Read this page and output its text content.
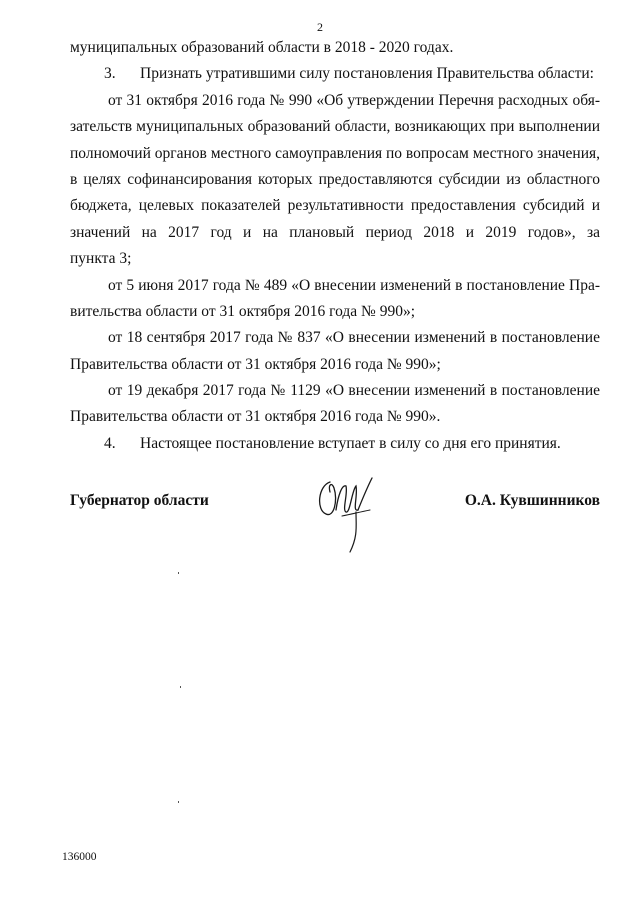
2
муниципальных образований области в 2018 - 2020 годах.
3. Признать утратившими силу постановления Правительства области:
от 31 октября 2016 года № 990 «Об утверждении Перечня расходных обя-
зательств муниципальных образований области, возникающих при выполнении
полномочий органов местного самоуправления по вопросам местного значения,
в целях софинансирования которых предоставляются субсидии из областного
бюджета, целевых показателей результативности предоставления субсидий и
значений на 2017 год и на плановый период 2018 и 2019 годов», за
пункта 3;
от 5 июня 2017 года № 489 «О внесении изменений в постановление Пра-
вительства области от 31 октября 2016 года № 990»;
от 18 сентября 2017 года № 837 «О внесении изменений в постановление
Правительства области от 31 октября 2016 года № 990»;
от 19 декабря 2017 года № 1129 «О внесении изменений в постановление
Правительства области от 31 октября 2016 года № 990».
4. Настоящее постановление вступает в силу со дня его принятия.
Губернатор области	О.А. Кувшинников
136000
